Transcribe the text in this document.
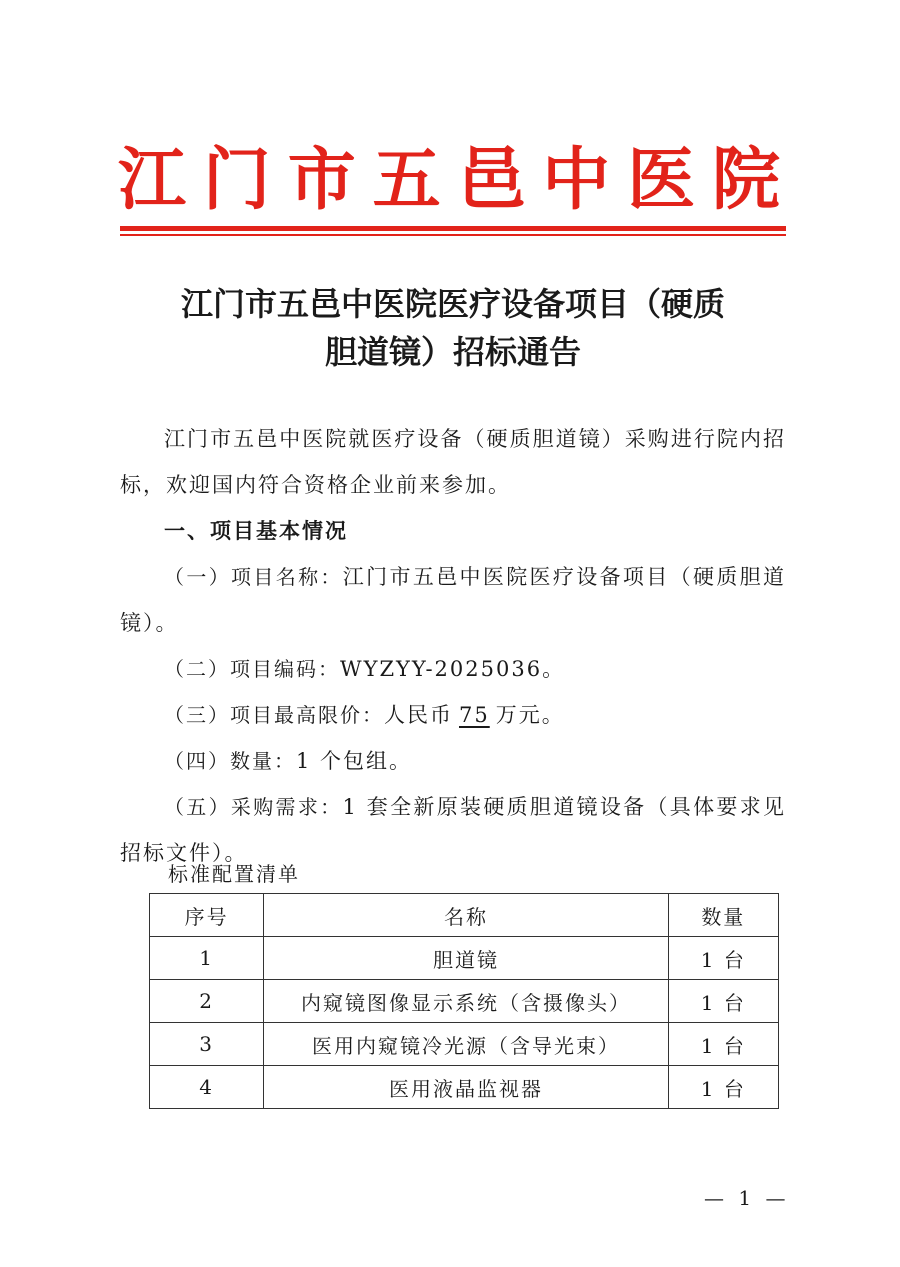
江门市五邑中医院
江门市五邑中医院医疗设备项目（硬质
胆道镜）招标通告

江门市五邑中医院就医疗设备（硬质胆道镜）采购进行院内招标，欢迎国内符合资格企业前来参加。

一、项目基本情况

（一）项目名称：江门市五邑中医院医疗设备项目（硬质胆道镜）。

（二）项目编码：WYZYY-2025036。

（三）项目最高限价：人民币 75 万元。

（四）数量：1 个包组。

（五）采购需求：1 套全新原装硬质胆道镜设备（具体要求见招标文件）。

标准配置清单
序号	名称	数量
1	胆道镜	1 台
2	内窥镜图像显示系统（含摄像头）	1 台
3	医用内窥镜冷光源（含导光束）	1 台
4	医用液晶监视器	1 台
— 1 —
